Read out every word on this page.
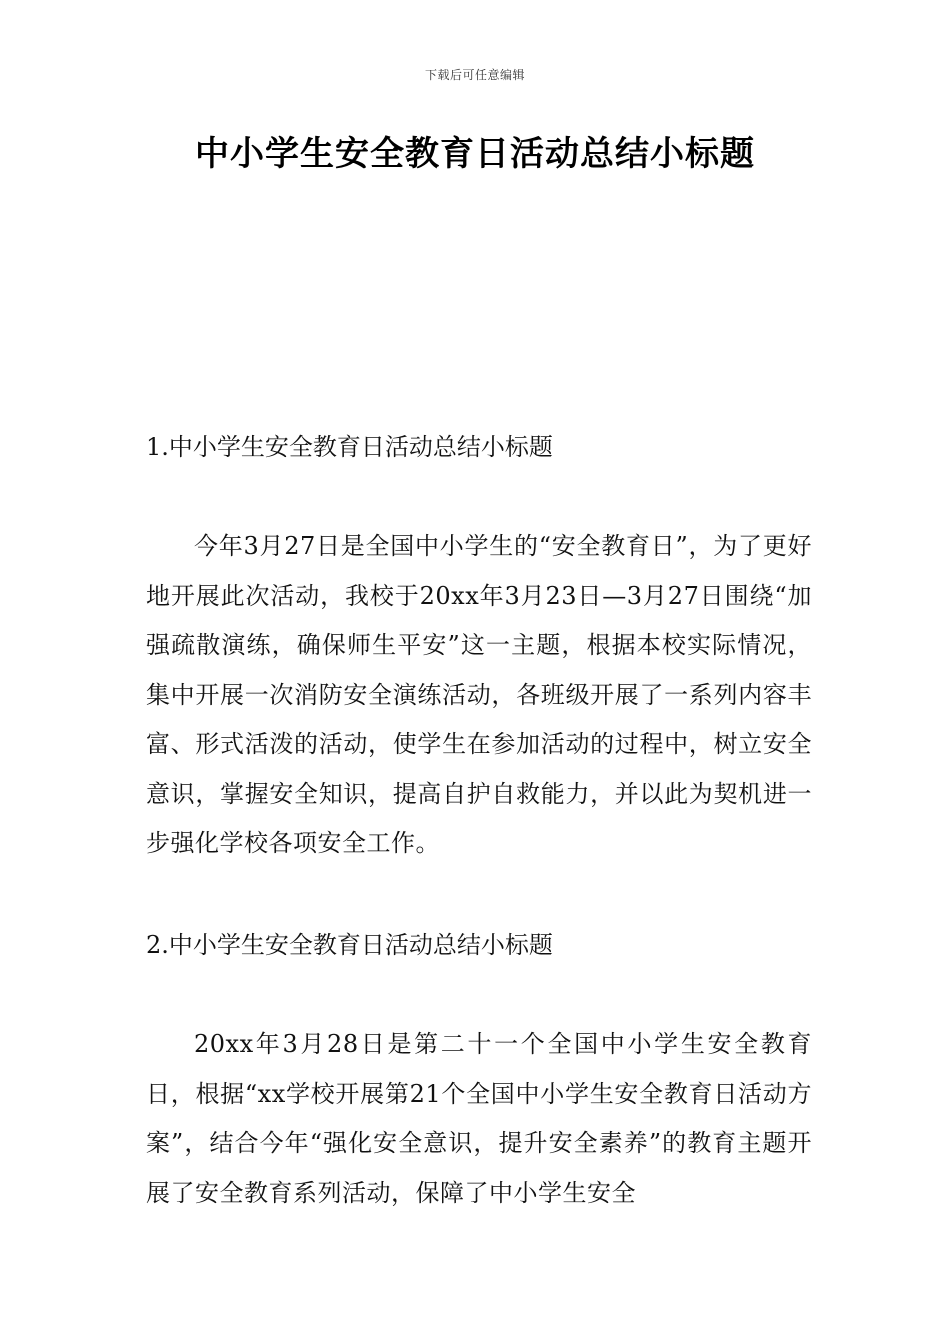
下载后可任意编辑
中小学生安全教育日活动总结小标题
1.中小学生安全教育日活动总结小标题

今年3月27日是全国中小学生的“安全教育日”，为了更好地开展此次活动，我校于20xx年3月23日—3月27日围绕“加强疏散演练，确保师生平安”这一主题，根据本校实际情况，集中开展一次消防安全演练活动，各班级开展了一系列内容丰富、形式活泼的活动，使学生在参加活动的过程中，树立安全意识，掌握安全知识，提高自护自救能力，并以此为契机进一步强化学校各项安全工作。

2.中小学生安全教育日活动总结小标题

20xx年3月28日是第二十一个全国中小学生安全教育日，根据“xx学校开展第21个全国中小学生安全教育日活动方案”，结合今年“强化安全意识，提升安全素养”的教育主题开展了安全教育系列活动，保障了中小学生安全
